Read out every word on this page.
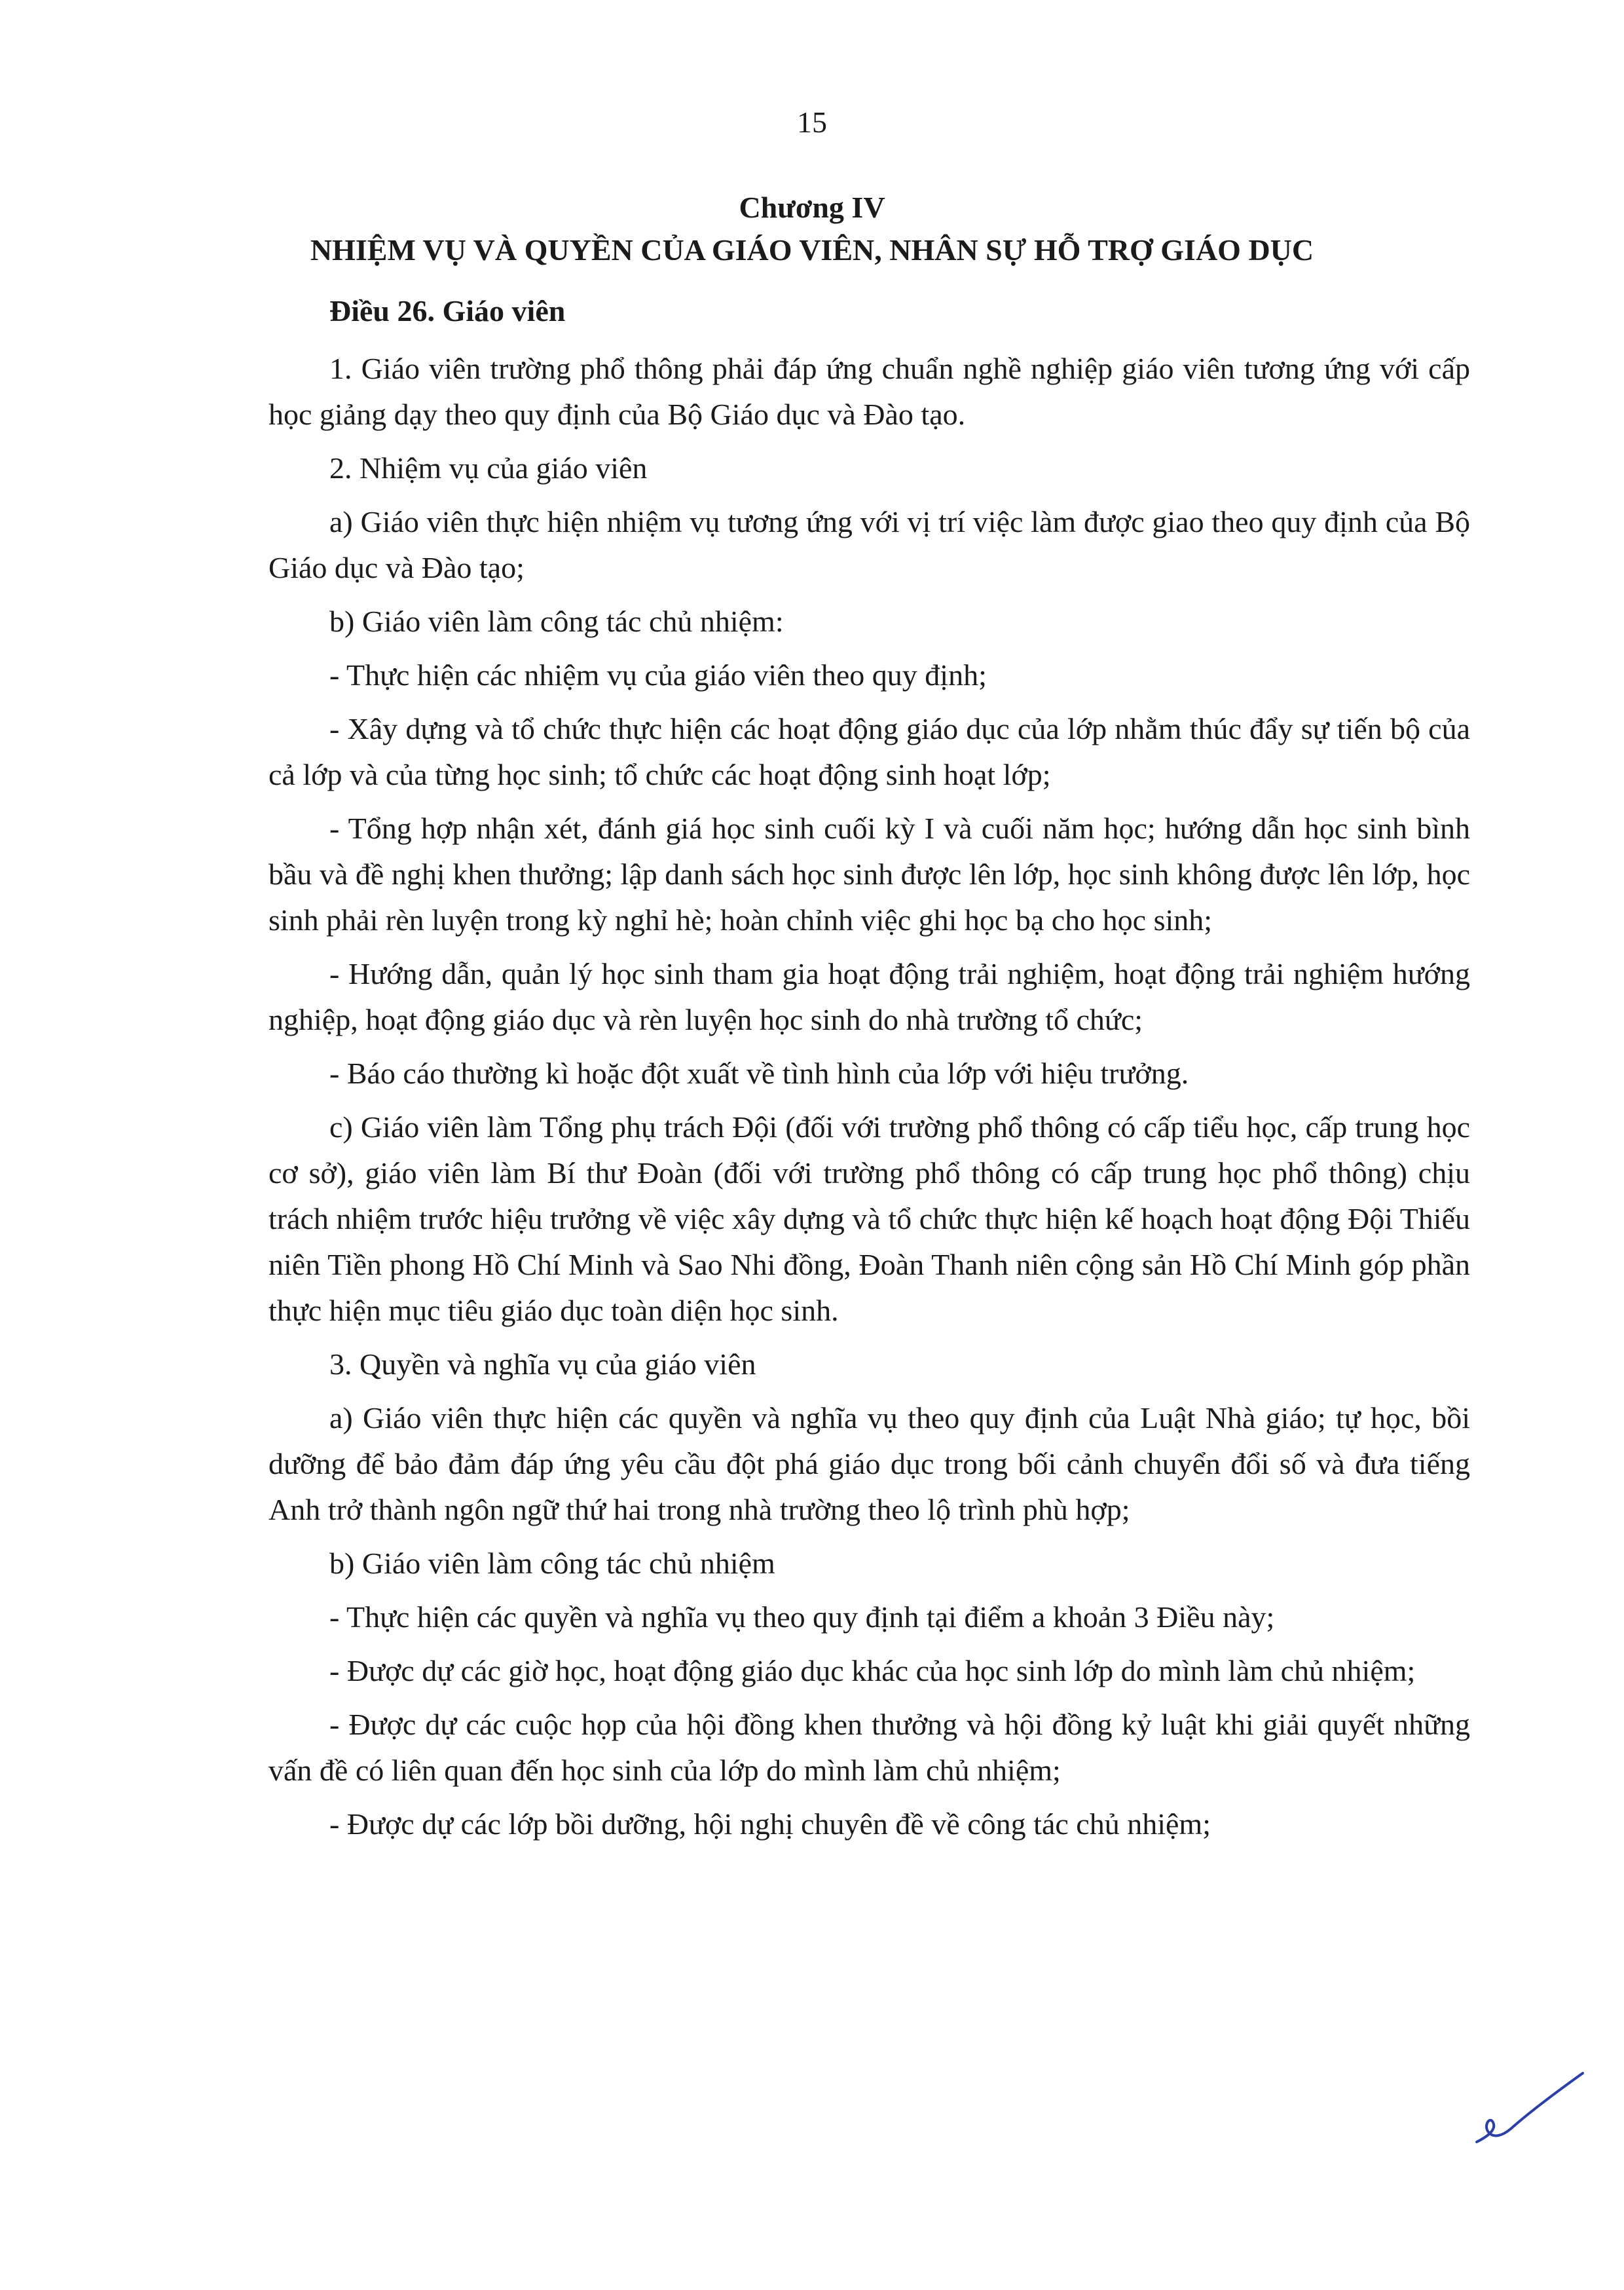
15
Chương IV
NHIỆM VỤ VÀ QUYỀN CỦA GIÁO VIÊN, NHÂN SỰ HỖ TRỢ GIÁO DỤC
Điều 26. Giáo viên

1. Giáo viên trường phổ thông phải đáp ứng chuẩn nghề nghiệp giáo viên tương ứng với cấp học giảng dạy theo quy định của Bộ Giáo dục và Đào tạo.

2. Nhiệm vụ của giáo viên

a) Giáo viên thực hiện nhiệm vụ tương ứng với vị trí việc làm được giao theo quy định của Bộ Giáo dục và Đào tạo;

b) Giáo viên làm công tác chủ nhiệm:

- Thực hiện các nhiệm vụ của giáo viên theo quy định;

- Xây dựng và tổ chức thực hiện các hoạt động giáo dục của lớp nhằm thúc đẩy sự tiến bộ của cả lớp và của từng học sinh; tổ chức các hoạt động sinh hoạt lớp;

- Tổng hợp nhận xét, đánh giá học sinh cuối kỳ I và cuối năm học; hướng dẫn học sinh bình bầu và đề nghị khen thưởng; lập danh sách học sinh được lên lớp, học sinh không được lên lớp, học sinh phải rèn luyện trong kỳ nghỉ hè; hoàn chỉnh việc ghi học bạ cho học sinh;

- Hướng dẫn, quản lý học sinh tham gia hoạt động trải nghiệm, hoạt động trải nghiệm hướng nghiệp, hoạt động giáo dục và rèn luyện học sinh do nhà trường tổ chức;

- Báo cáo thường kì hoặc đột xuất về tình hình của lớp với hiệu trưởng.

c) Giáo viên làm Tổng phụ trách Đội (đối với trường phổ thông có cấp tiểu học, cấp trung học cơ sở), giáo viên làm Bí thư Đoàn (đối với trường phổ thông có cấp trung học phổ thông) chịu trách nhiệm trước hiệu trưởng về việc xây dựng và tổ chức thực hiện kế hoạch hoạt động Đội Thiếu niên Tiền phong Hồ Chí Minh và Sao Nhi đồng, Đoàn Thanh niên cộng sản Hồ Chí Minh góp phần thực hiện mục tiêu giáo dục toàn diện học sinh.

3. Quyền và nghĩa vụ của giáo viên

a) Giáo viên thực hiện các quyền và nghĩa vụ theo quy định của Luật Nhà giáo; tự học, bồi dưỡng để bảo đảm đáp ứng yêu cầu đột phá giáo dục trong bối cảnh chuyển đổi số và đưa tiếng Anh trở thành ngôn ngữ thứ hai trong nhà trường theo lộ trình phù hợp;

b) Giáo viên làm công tác chủ nhiệm

- Thực hiện các quyền và nghĩa vụ theo quy định tại điểm a khoản 3 Điều này;

- Được dự các giờ học, hoạt động giáo dục khác của học sinh lớp do mình làm chủ nhiệm;

- Được dự các cuộc họp của hội đồng khen thưởng và hội đồng kỷ luật khi giải quyết những vấn đề có liên quan đến học sinh của lớp do mình làm chủ nhiệm;

- Được dự các lớp bồi dưỡng, hội nghị chuyên đề về công tác chủ nhiệm;
